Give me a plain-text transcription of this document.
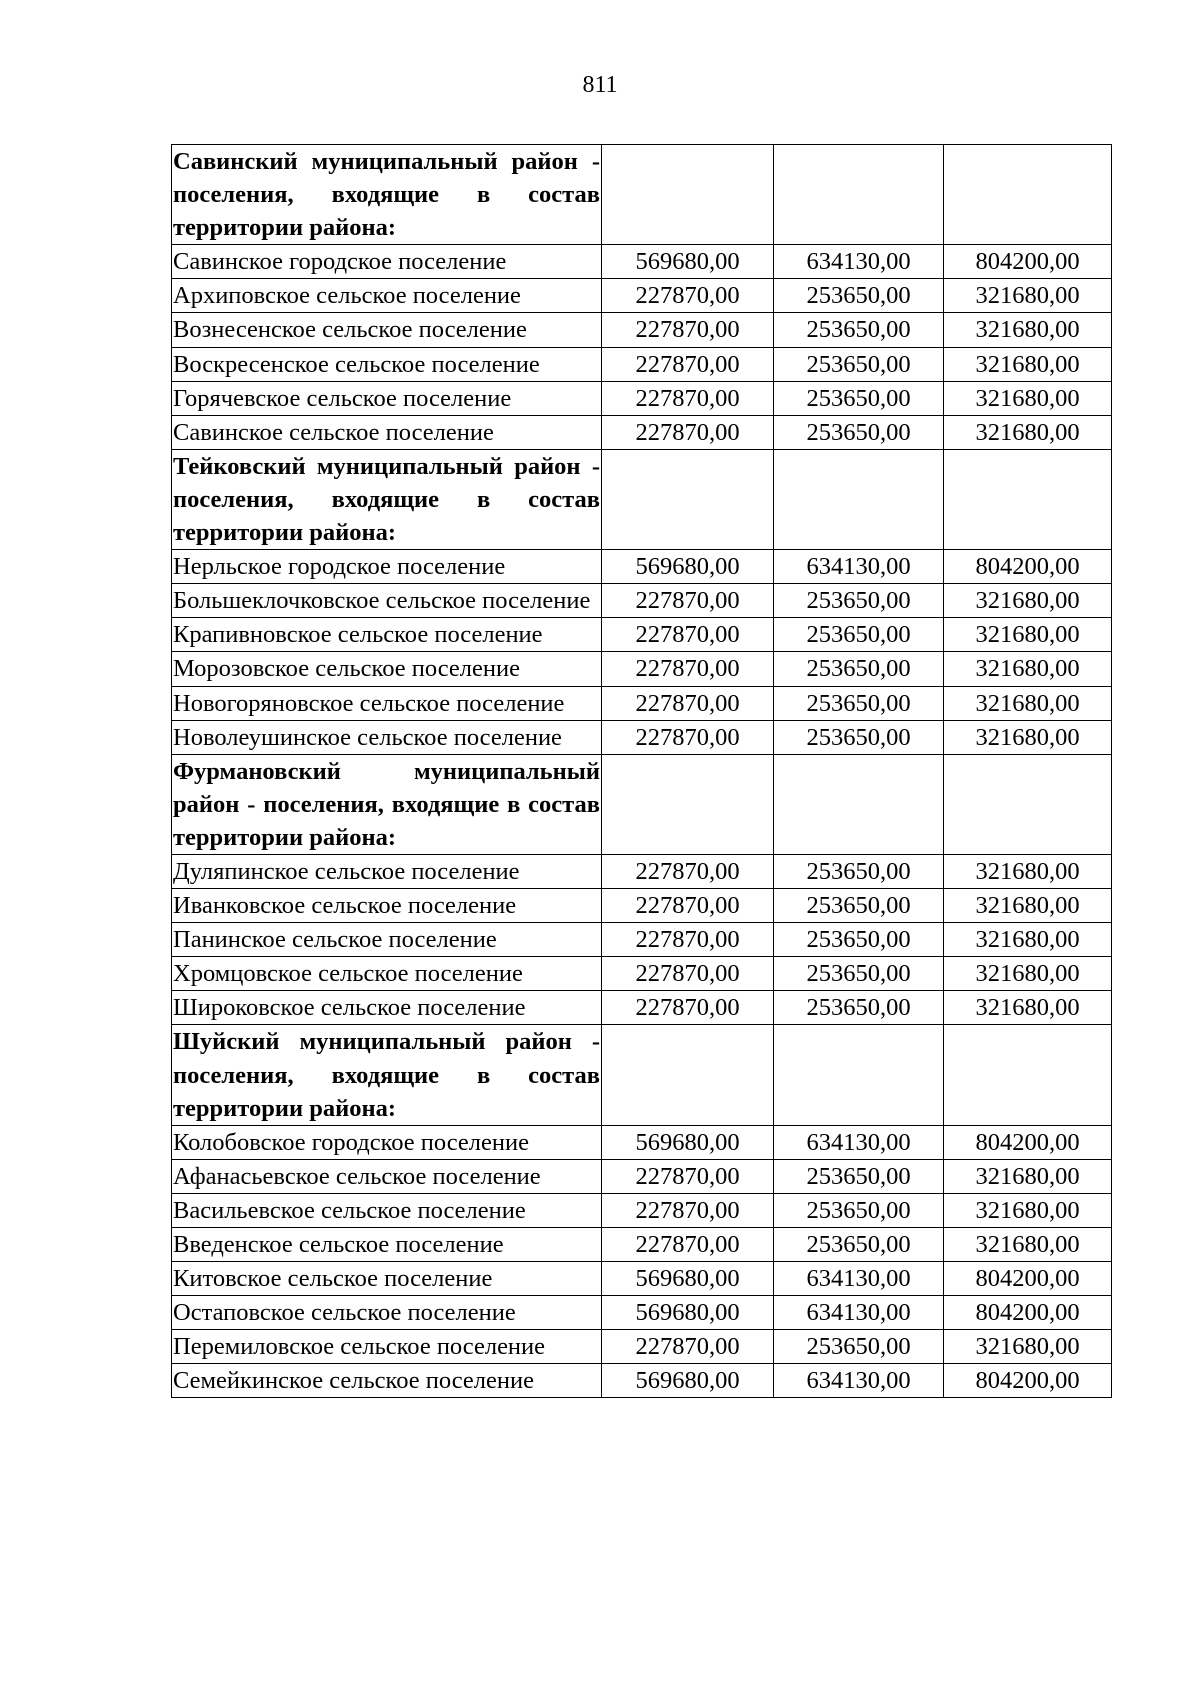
811
Савинский муниципальный район - поселения, входящие в состав территории района:			
Савинское городское поселение	569680,00	634130,00	804200,00
Архиповское сельское поселение	227870,00	253650,00	321680,00
Вознесенское сельское поселение	227870,00	253650,00	321680,00
Воскресенское сельское поселение	227870,00	253650,00	321680,00
Горячевское сельское поселение	227870,00	253650,00	321680,00
Савинское сельское поселение	227870,00	253650,00	321680,00
Тейковский муниципальный район - поселения, входящие в состав территории района:			
Нерльское городское поселение	569680,00	634130,00	804200,00
Большеклочковское сельское поселение	227870,00	253650,00	321680,00
Крапивновское сельское поселение	227870,00	253650,00	321680,00
Морозовское сельское поселение	227870,00	253650,00	321680,00
Новогоряновское сельское поселение	227870,00	253650,00	321680,00
Новолеушинское сельское поселение	227870,00	253650,00	321680,00
Фурмановский муниципальный район - поселения, входящие в состав территории района:			
Дуляпинское сельское поселение	227870,00	253650,00	321680,00
Иванковское сельское поселение	227870,00	253650,00	321680,00
Панинское сельское поселение	227870,00	253650,00	321680,00
Хромцовское сельское поселение	227870,00	253650,00	321680,00
Широковское сельское поселение	227870,00	253650,00	321680,00
Шуйский муниципальный район - поселения, входящие в состав территории района:			
Колобовское городское поселение	569680,00	634130,00	804200,00
Афанасьевское сельское поселение	227870,00	253650,00	321680,00
Васильевское сельское поселение	227870,00	253650,00	321680,00
Введенское сельское поселение	227870,00	253650,00	321680,00
Китовское сельское поселение	569680,00	634130,00	804200,00
Остаповское сельское поселение	569680,00	634130,00	804200,00
Перемиловское сельское поселение	227870,00	253650,00	321680,00
Семейкинское сельское поселение	569680,00	634130,00	804200,00
